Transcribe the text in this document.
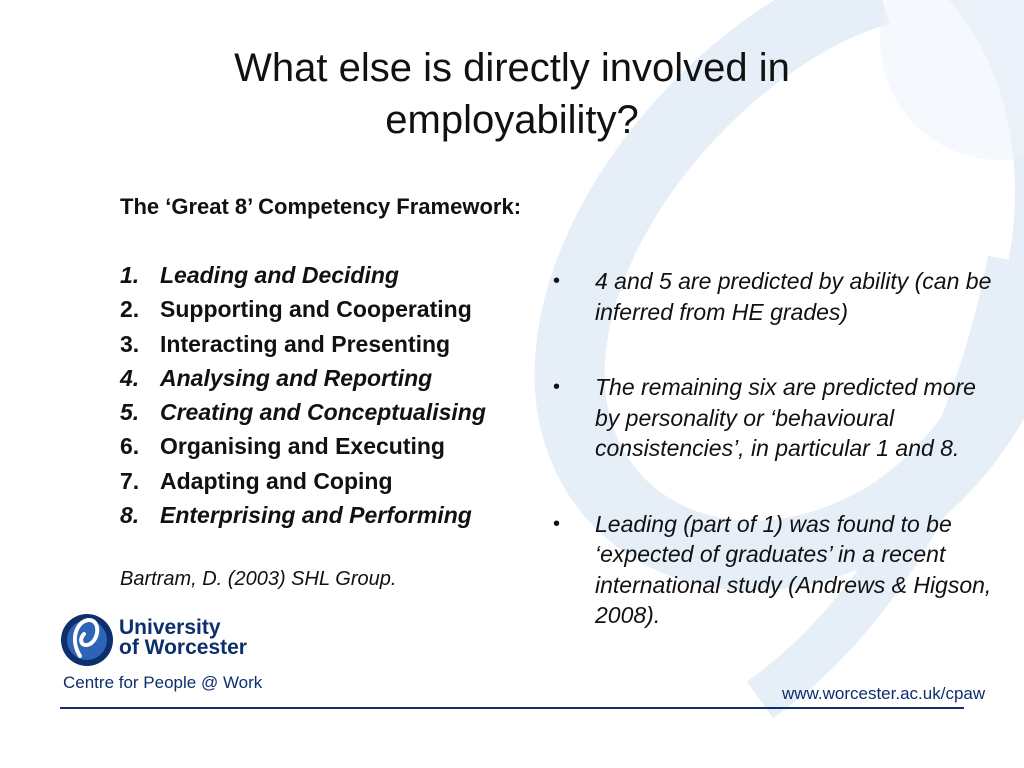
What else is directly involved in employability?
The ‘Great 8’ Competency Framework:
1. Leading and Deciding
2. Supporting and Cooperating
3. Interacting and Presenting
4. Analysing and Reporting
5. Creating and Conceptualising
6. Organising and Executing
7. Adapting and Coping
8. Enterprising and Performing
Bartram, D. (2003) SHL Group.
• 4 and 5 are predicted by ability (can be inferred from HE grades)
• The remaining six are predicted more by personality or ‘behavioural consistencies’, in particular 1 and 8.
• Leading (part of 1) was found to be ‘expected of graduates’ in a recent international study (Andrews & Higson, 2008).
University
of Worcester
Centre for People @ Work
www.worcester.ac.uk/cpaw
